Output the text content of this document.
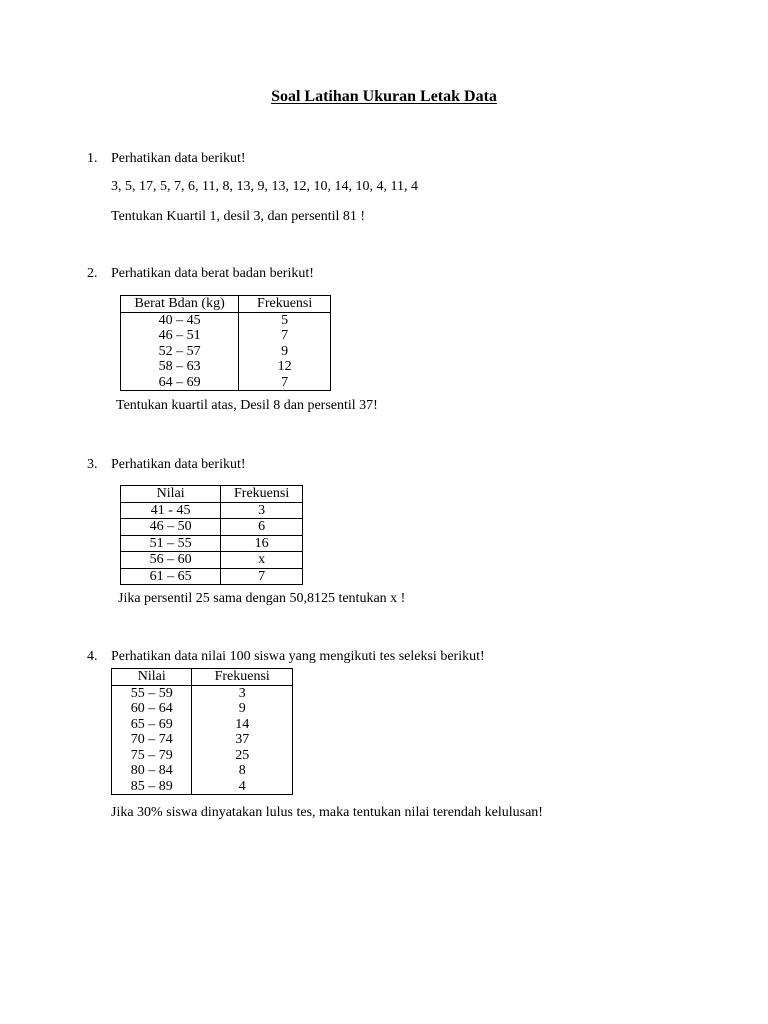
Soal Latihan Ukuran Letak Data
1. Perhatikan data berikut!
3, 5, 17, 5, 7, 6, 11, 8, 13, 9, 13, 12, 10, 14, 10, 4, 11, 4
Tentukan Kuartil 1, desil 3, dan persentil 81 !
2. Perhatikan data berat badan berikut!
Berat Bdan (kg)	Frekuensi
40 – 45	5
46 – 51	7
52 – 57	9
58 – 63	12
64 – 69	7
Tentukan kuartil atas, Desil 8 dan persentil 37!
3. Perhatikan data berikut!
Nilai	Frekuensi
41 - 45	3
46 – 50	6
51 – 55	16
56 – 60	x
61 – 65	7
Jika persentil 25 sama dengan 50,8125 tentukan x !
4. Perhatikan data nilai 100 siswa yang mengikuti tes seleksi berikut!
Nilai	Frekuensi
55 – 59	3
60 – 64	9
65 – 69	14
70 – 74	37
75 – 79	25
80 – 84	8
85 – 89	4
Jika 30% siswa dinyatakan lulus tes, maka tentukan nilai terendah kelulusan!
